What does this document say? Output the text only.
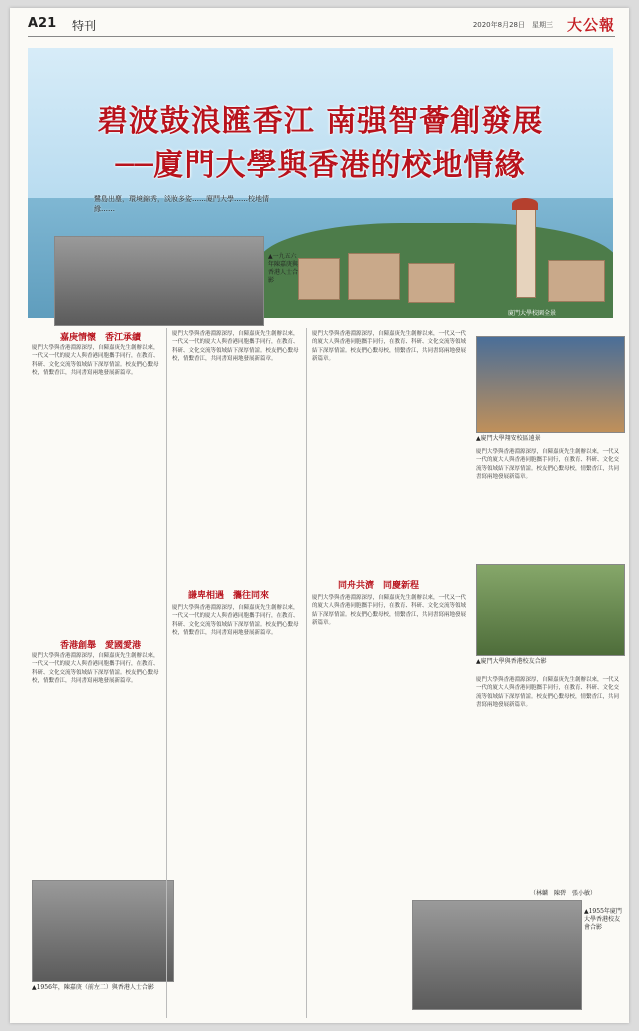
A21 特刊	2020年8月28日　星期三 大公報
碧波鼓浪匯香江 南强智薈創發展
──廈門大學與香港的校地情緣
鷺島出塵，環境錦秀，淡妝多姿……廈門大學……校地情緣……
廈門大學校園全景
▲一九五六年陳嘉庚與香港人士合影
嘉庚情懷　香江承續
廈門大學與香港淵源深厚，自陳嘉庚先生創辦以來，一代又一代的廈大人與香港同胞攜手同行，在教育、科研、文化交流等領域結下深厚情誼。校友們心繫母校，情繫香江，共同書寫兩地發展新篇章。
香港創舉　愛國愛港
廈門大學與香港淵源深厚，自陳嘉庚先生創辦以來，一代又一代的廈大人與香港同胞攜手同行，在教育、科研、文化交流等領域結下深厚情誼。校友們心繫母校，情繫香江，共同書寫兩地發展新篇章。
▲1956年，陳嘉庚（前左二）與香港人士合影
廈門大學與香港淵源深厚，自陳嘉庚先生創辦以來，一代又一代的廈大人與香港同胞攜手同行，在教育、科研、文化交流等領域結下深厚情誼。校友們心繫母校，情繫香江，共同書寫兩地發展新篇章。
謙卑相遇　攜往同來
廈門大學與香港淵源深厚，自陳嘉庚先生創辦以來，一代又一代的廈大人與香港同胞攜手同行，在教育、科研、文化交流等領域結下深厚情誼。校友們心繫母校，情繫香江，共同書寫兩地發展新篇章。
廈門大學與香港淵源深厚，自陳嘉庚先生創辦以來，一代又一代的廈大人與香港同胞攜手同行，在教育、科研、文化交流等領域結下深厚情誼。校友們心繫母校，情繫香江，共同書寫兩地發展新篇章。
同舟共濟　同慶新程
廈門大學與香港淵源深厚，自陳嘉庚先生創辦以來，一代又一代的廈大人與香港同胞攜手同行，在教育、科研、文化交流等領域結下深厚情誼。校友們心繫母校，情繫香江，共同書寫兩地發展新篇章。
▲廈門大學翔安校區遠景
廈門大學與香港淵源深厚，自陳嘉庚先生創辦以來，一代又一代的廈大人與香港同胞攜手同行，在教育、科研、文化交流等領域結下深厚情誼。校友們心繫母校，情繫香江，共同書寫兩地發展新篇章。
▲廈門大學與香港校友合影
廈門大學與香港淵源深厚，自陳嘉庚先生創辦以來，一代又一代的廈大人與香港同胞攜手同行，在教育、科研、文化交流等領域結下深厚情誼。校友們心繫母校，情繫香江，共同書寫兩地發展新篇章。
（林麟　陳碧　張小敏）
▲1955年廈門大學香港校友會合影
